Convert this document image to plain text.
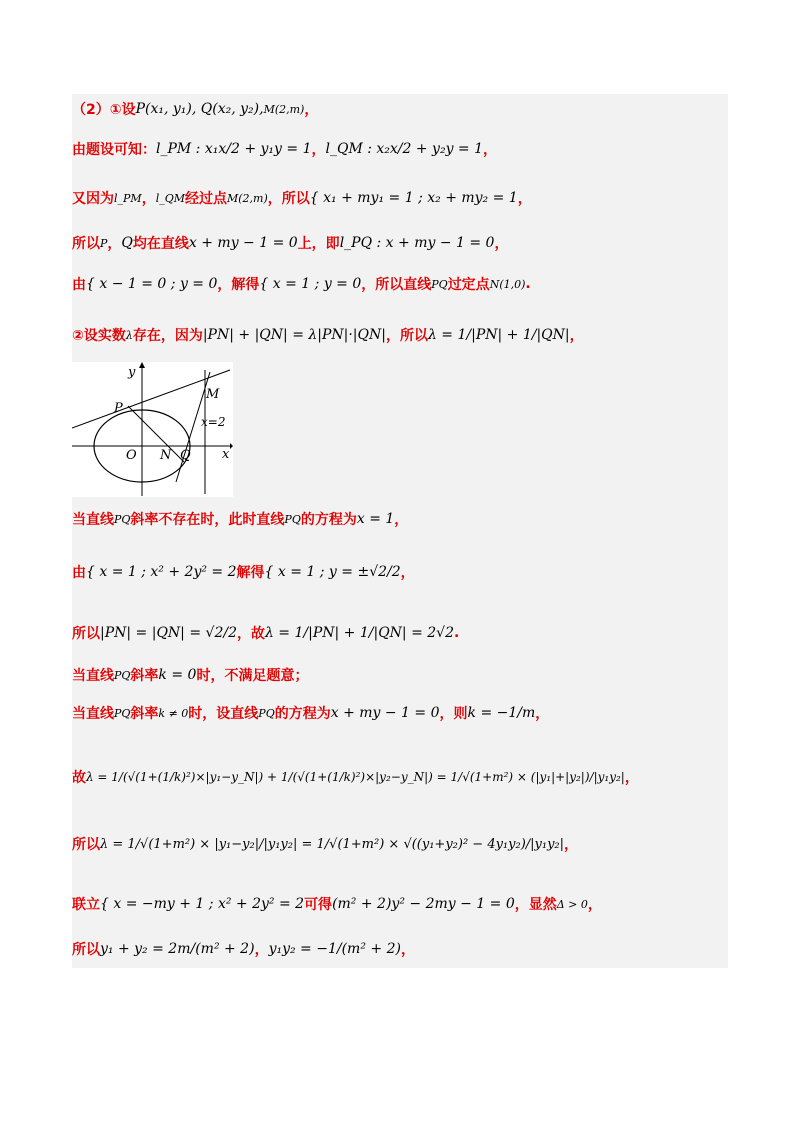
（2）①设 P(x₁, y₁), Q(x₂, y₂), M(2,m) ，
由题设可知： l_PM : x₁x/2 + y₁y = 1 ， l_QM : x₂x/2 + y₂y = 1 ，
又因为 l_PM ， l_QM 经过点 M(2,m) ，所以 { x₁ + my₁ = 1 ; x₂ + my₂ = 1 ，
所以 P ， Q 均在直线 x + my − 1 = 0 上，即 l_PQ : x + my − 1 = 0 ，
由 { x − 1 = 0 ; y = 0 ，解得 { x = 1 ; y = 0 ，所以直线 PQ 过定点 N(1,0) .
②设实数 λ 存在，因为 |PN| + |QN| = λ|PN|·|QN| ，所以 λ = 1/|PN| + 1/|QN| ，
y
x
P
M
x=2
O N Q
当直线 PQ 斜率不存在时，此时直线 PQ 的方程为 x = 1 ，
由 { x = 1 ; x² + 2y² = 2 解得 { x = 1 ; y = ±√2/2 ，
所以 |PN| = |QN| = √2/2 ，故 λ = 1/|PN| + 1/|QN| = 2√2 .
当直线 PQ 斜率 k = 0 时，不满足题意；
当直线 PQ 斜率 k ≠ 0 时，设直线 PQ 的方程为 x + my − 1 = 0 ，则 k = −1/m ，
故 λ = 1/(√(1+(1/k)²)×|y₁−y_N|) + 1/(√(1+(1/k)²)×|y₂−y_N|) = 1/√(1+m²) × (|y₁|+|y₂|)/|y₁y₂| ，
所以 λ = 1/√(1+m²) × |y₁−y₂|/|y₁y₂| = 1/√(1+m²) × √((y₁+y₂)² − 4y₁y₂)/|y₁y₂| ，
联立 { x = −my + 1 ; x² + 2y² = 2 可得 (m² + 2)y² − 2my − 1 = 0 ，显然 Δ > 0 ，
所以 y₁ + y₂ = 2m/(m² + 2) ， y₁y₂ = −1/(m² + 2) ，
